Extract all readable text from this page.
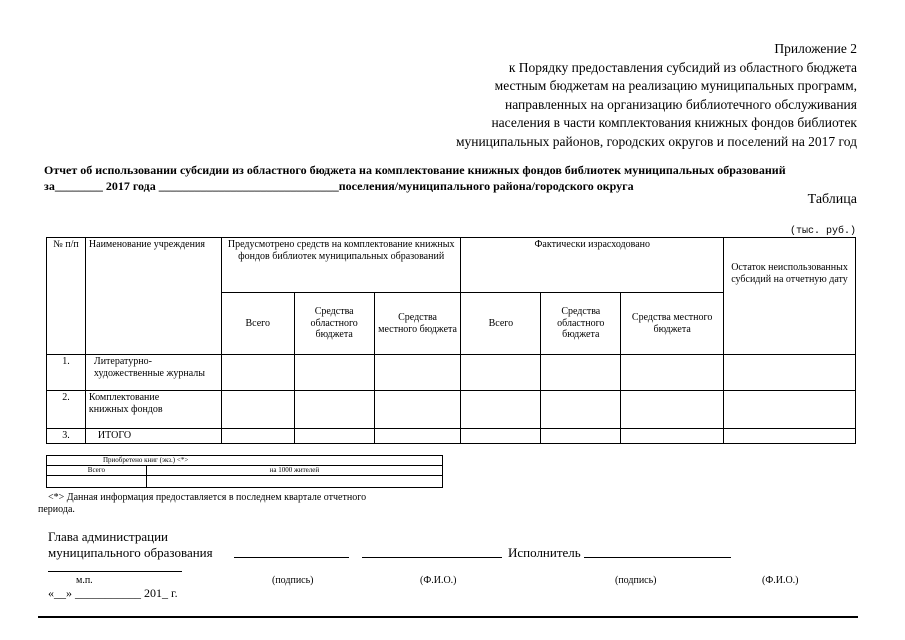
Приложение 2
к Порядку предоставления субсидий из областного бюджета
местным бюджетам на реализацию муниципальных программ,
направленных на организацию библиотечного обслуживания
населения в части комплектования книжных фондов библиотек
муниципальных районов, городских округов и поселений на 2017 год
Отчет об использовании субсидии из областного бюджета на комплектование книжных фондов библиотек муниципальных образований
за________ 2017 года ______________________________поселения/муниципального района/городского округа
Таблица
(тыс. руб.)
№ п/п	Наименование учреждения	Предусмотрено средств на комплектование книжных фондов библиотек муниципальных образований			Фактически израсходовано			Остаток неиспользованных субсидий на отчетную дату
		Всего	Средства областного бюджета	Средства местного бюджета	Всего	Средства областного бюджета	Средства местного бюджета	
1.	Литературно-художественные журналы							
2.	Комплектование книжных фондов							
3.	ИТОГО							
Приобретено книг (экз.) <*>	
Всего	на 1000 жителей

<*> Данная информация предоставляется в последнем квартале отчетного
периода.
Глава администрации
муниципального образования	Исполнитель
м.п.	(подпись)	(Ф.И.О.)	(подпись)	(Ф.И.О.)
«__» ___________ 201_ г.
